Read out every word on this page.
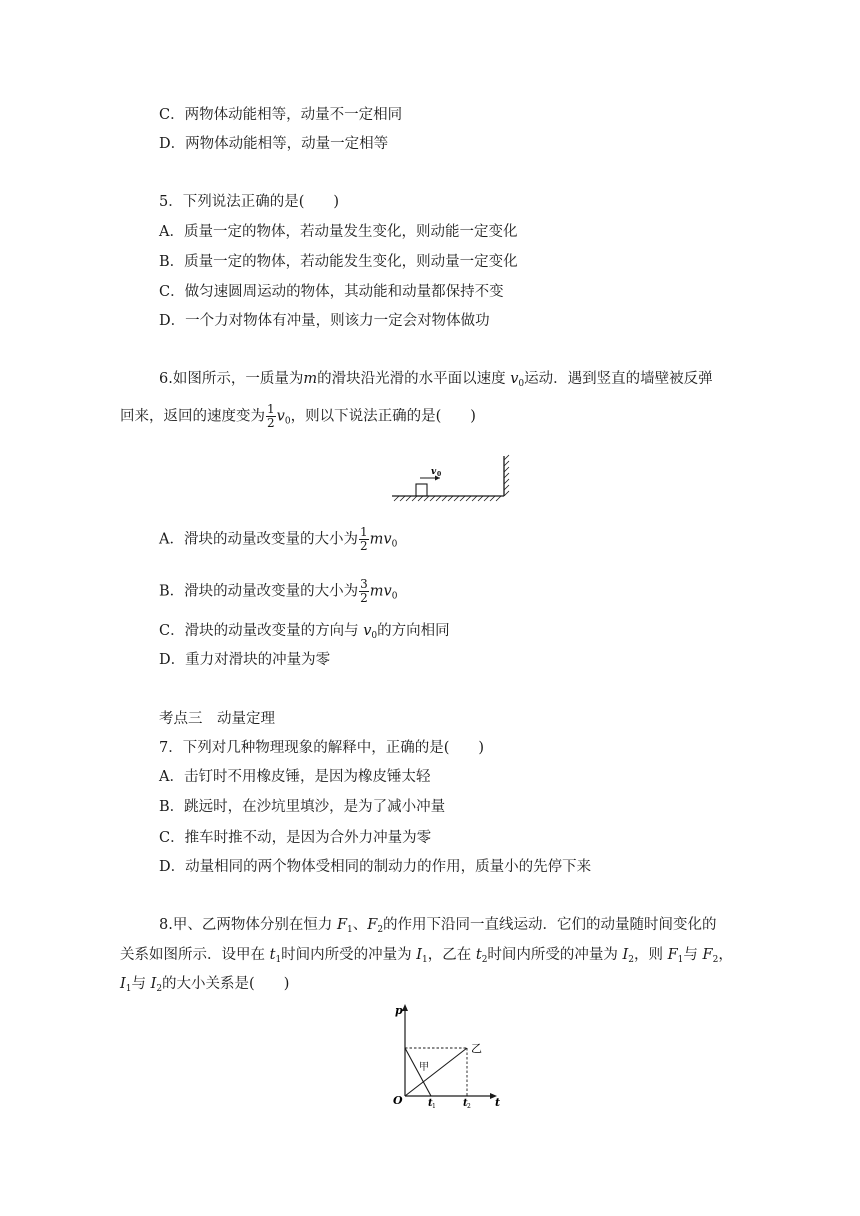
C．两物体动能相等，动量不一定相同
D．两物体动能相等，动量一定相等
5．下列说法正确的是(　　)
A．质量一定的物体，若动量发生变化，则动能一定变化
B．质量一定的物体，若动能发生变化，则动量一定变化
C．做匀速圆周运动的物体，其动能和动量都保持不变
D．一个力对物体有冲量，则该力一定会对物体做功
6.如图所示，一质量为m的滑块沿光滑的水平面以速度 $v_0$运动．遇到竖直的墙壁被反弹
回来，返回的速度变为 $\frac{1}{2} v_0$，则以下说法正确的是(　　)
v 0
A．滑块的动量改变量的大小为 $\frac{1}{2} mv_0$
B．滑块的动量改变量的大小为 $\frac{3}{2} mv_0$
C．滑块的动量改变量的方向与 $v_0$的方向相同
D．重力对滑块的冲量为零
考点三　动量定理
7．下列对几种物理现象的解释中，正确的是(　　)
A．击钉时不用橡皮锤，是因为橡皮锤太轻
B．跳远时，在沙坑里填沙，是为了减小冲量
C．推车时推不动，是因为合外力冲量为零
D．动量相同的两个物体受相同的制动力的作用，质量小的先停下来
8.甲、乙两物体分别在恒力 $F_1$、$F_2$的作用下沿同一直线运动．它们的动量随时间变化的
关系如图所示．设甲在 $t_1$时间内所受的冲量为 $I_1$，乙在 $t_2$时间内所受的冲量为 $I_2$，则 $F_1$与 $F_2$，
$I_1$与 $I_2$的大小关系是(　　)
p
t
O
甲
乙
t 1	t 2
